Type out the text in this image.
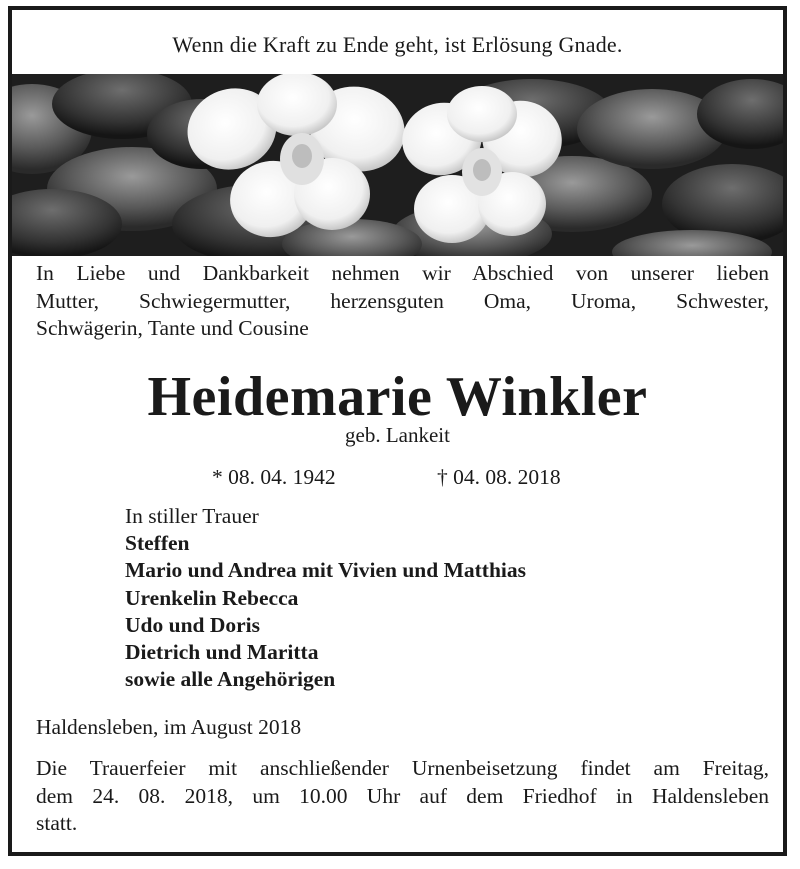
Wenn die Kraft zu Ende geht, ist Erlösung Gnade.
In Liebe und Dankbarkeit nehmen wir Abschied von unserer lieben
Mutter, Schwiegermutter, herzensguten Oma, Uroma, Schwester,
Schwägerin, Tante und Cousine
Heidemarie Winkler
geb. Lankeit
* 08. 04. 1942	† 04. 08. 2018
In stiller Trauer
Steffen
Mario und Andrea mit Vivien und Matthias
Urenkelin Rebecca
Udo und Doris
Dietrich und Maritta
sowie alle Angehörigen
Haldensleben, im August 2018
Die Trauerfeier mit anschließender Urnenbeisetzung findet am Freitag,
dem 24. 08. 2018, um 10.00 Uhr auf dem Friedhof in Haldensleben
statt.
